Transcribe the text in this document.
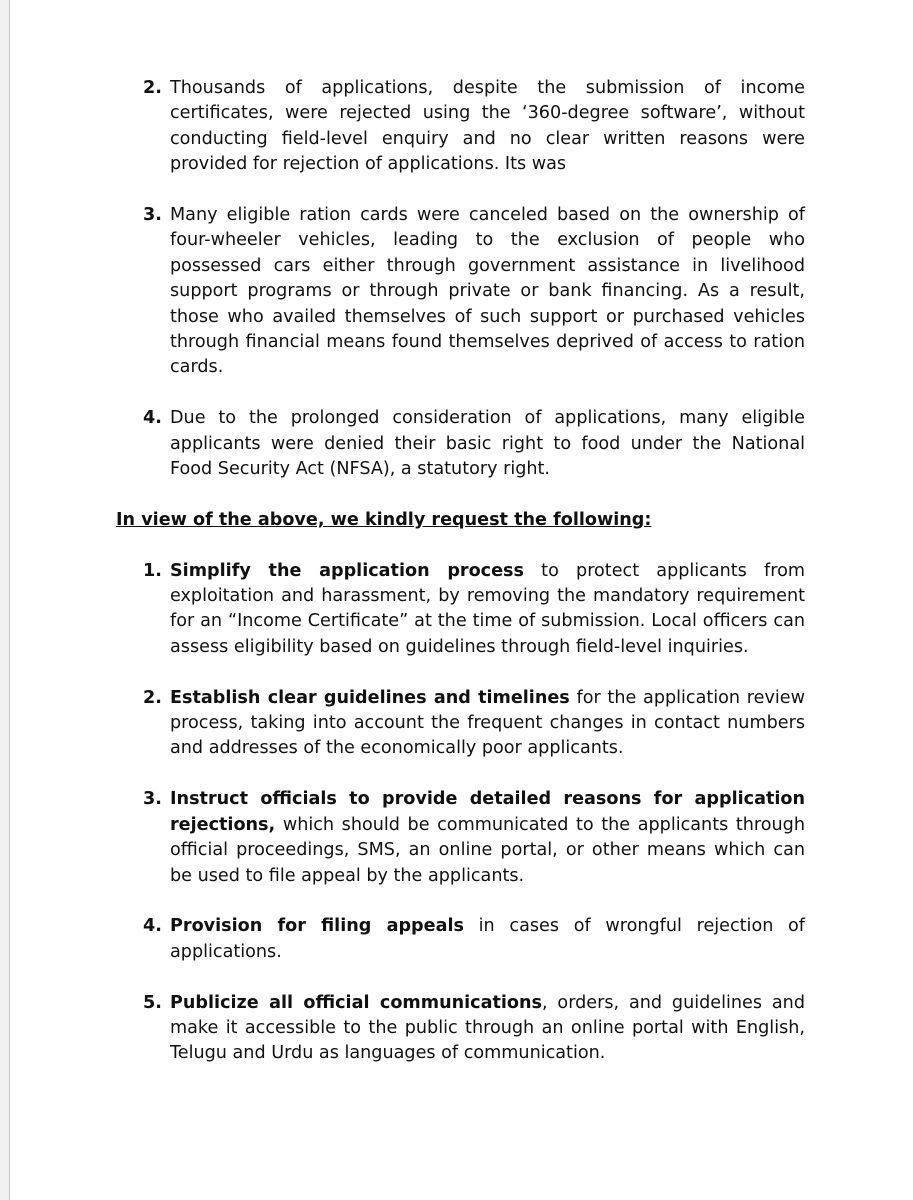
2. Thousands of applications, despite the submission of income certificates, were rejected using the ‘360-degree software’, without conducting field-level enquiry and no clear written reasons were provided for rejection of applications. Its was
3. Many eligible ration cards were canceled based on the ownership of four-wheeler vehicles, leading to the exclusion of people who possessed cars either through government assistance in livelihood support programs or through private or bank financing. As a result, those who availed themselves of such support or purchased vehicles through financial means found themselves deprived of access to ration cards.
4. Due to the prolonged consideration of applications, many eligible applicants were denied their basic right to food under the National Food Security Act (NFSA), a statutory right.

In view of the above, we kindly request the following:

1. Simplify the application process to protect applicants from exploitation and harassment, by removing the mandatory requirement for an “Income Certificate” at the time of submission. Local officers can assess eligibility based on guidelines through field-level inquiries.
2. Establish clear guidelines and timelines for the application review process, taking into account the frequent changes in contact numbers and addresses of the economically poor applicants.
3. Instruct officials to provide detailed reasons for application rejections, which should be communicated to the applicants through official proceedings, SMS, an online portal, or other means which can be used to file appeal by the applicants.
4. Provision for filing appeals in cases of wrongful rejection of applications.
5. Publicize all official communications, orders, and guidelines and make it accessible to the public through an online portal with English, Telugu and Urdu as languages of communication.
